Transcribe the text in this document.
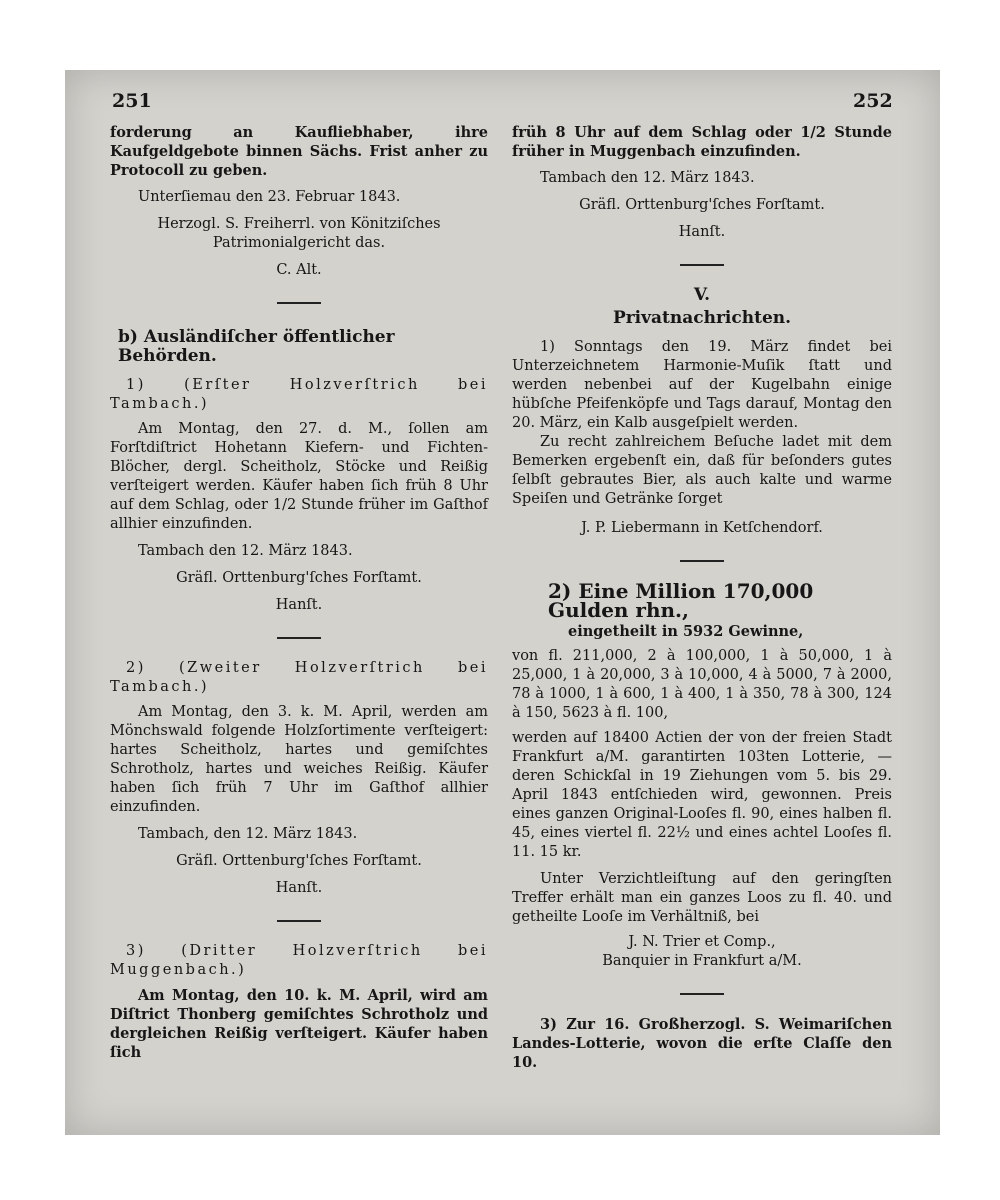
251	252

forderung an Kaufliebhaber, ihre Kaufgeldgebote binnen Sächs. Frist anher zu Protocoll zu geben.

Unterſiemau den 23. Februar 1843.

Herzogl. S. Freiherrl. von Könitziſches Patrimonialgericht das.

C. Alt.

b) Ausländiſcher öffentlicher Behörden.

1) (Erſter Holzverſtrich bei Tambach.)

Am Montag, den 27. d. M., ſollen am Forſtdiſtrict Hohetann Kiefern- und Fichten-Blöcher, dergl. Scheitholz, Stöcke und Reißig verſteigert werden. Käufer haben ſich früh 8 Uhr auf dem Schlag, oder 1/2 Stunde früher im Gaſthof allhier einzufinden.

Tambach den 12. März 1843.

Gräfl. Orttenburg'ſches Forſtamt.

Hanſt.

2) (Zweiter Holzverſtrich bei Tambach.)

Am Montag, den 3. k. M. April, werden am Mönchswald folgende Holzſortimente verſteigert: hartes Scheitholz, hartes und gemiſchtes Schrotholz, hartes und weiches Reißig. Käufer haben ſich früh 7 Uhr im Gaſthof allhier einzufinden.

Tambach, den 12. März 1843.

Gräfl. Orttenburg'ſches Forſtamt.

Hanſt.

3) (Dritter Holzverſtrich bei Muggenbach.)

Am Montag, den 10. k. M. April, wird am Diſtrict Thonberg gemiſchtes Schrotholz und dergleichen Reißig verſteigert. Käufer haben ſich

früh 8 Uhr auf dem Schlag oder 1/2 Stunde früher in Muggenbach einzufinden.

Tambach den 12. März 1843.

Gräfl. Orttenburg'ſches Forſtamt.

Hanſt.

V.

Privatnachrichten.

1) Sonntags den 19. März findet bei Unterzeichnetem Harmonie-Muſik ſtatt und werden nebenbei auf der Kugelbahn einige hübſche Pfeifenköpfe und Tags darauf, Montag den 20. März, ein Kalb ausgeſpielt werden.

Zu recht zahlreichem Beſuche ladet mit dem Bemerken ergebenſt ein, daß für beſonders gutes ſelbſt gebrautes Bier, als auch kalte und warme Speiſen und Getränke ſorget

J. P. Liebermann in Ketſchendorf.

2) Eine Million 170,000 Gulden rhn.,

eingetheilt in 5932 Gewinne,

von fl. 211,000, 2 à 100,000, 1 à 50,000, 1 à 25,000, 1 à 20,000, 3 à 10,000, 4 à 5000, 7 à 2000, 78 à 1000, 1 à 600, 1 à 400, 1 à 350, 78 à 300, 124 à 150, 5623 à fl. 100,

werden auf 18400 Actien der von der freien Stadt Frankfurt a/M. garantirten 103ten Lotterie, — deren Schickſal in 19 Ziehungen vom 5. bis 29. April 1843 entſchieden wird, gewonnen. Preis eines ganzen Original-Looſes fl. 90, eines halben fl. 45, eines viertel fl. 22½ und eines achtel Looſes fl. 11. 15 kr.

Unter Verzichtleiſtung auf den geringſten Treffer erhält man ein ganzes Loos zu fl. 40. und getheilte Looſe im Verhältniß, bei

J. N. Trier et Comp.,

Banquier in Frankfurt a/M.

3) Zur 16. Großherzogl. S. Weimariſchen Landes-Lotterie, wovon die erſte Claſſe den 10.
